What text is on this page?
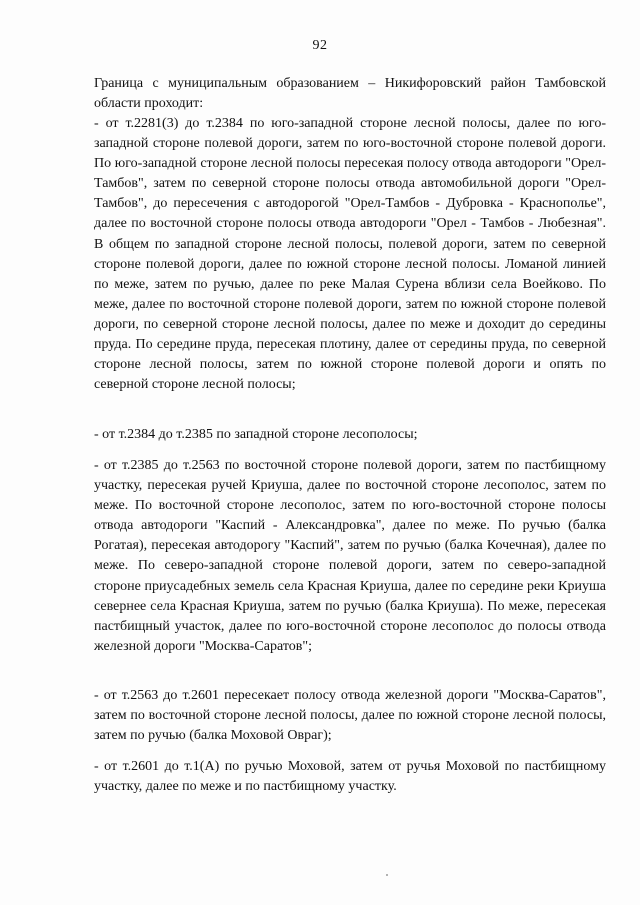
92

Граница с муниципальным образованием – Никифоровский район Тамбовской области проходит:

- от т.2281(3) до т.2384 по юго-западной стороне лесной полосы, далее по юго-западной стороне полевой дороги, затем по юго-восточной стороне полевой дороги. По юго-западной стороне лесной полосы пересекая полосу отвода автодороги "Орел-Тамбов", затем по северной стороне полосы отвода автомобильной дороги "Орел-Тамбов", до пересечения с автодорогой "Орел-Тамбов - Дубровка - Краснополье", далее по восточной стороне полосы отвода автодороги "Орел - Тамбов - Любезная". В общем по западной стороне лесной полосы, полевой дороги, затем по северной стороне полевой дороги, далее по южной стороне лесной полосы. Ломаной линией по меже, затем по ручью, далее по реке Малая Сурена вблизи села Воейково. По меже, далее по восточной стороне полевой дороги, затем по южной стороне полевой дороги, по северной стороне лесной полосы, далее по меже и доходит до середины пруда. По середине пруда, пересекая плотину, далее от середины пруда, по северной стороне лесной полосы, затем по южной стороне полевой дороги и опять по северной стороне лесной полосы;

- от т.2384 до т.2385 по западной стороне лесополосы;

- от т.2385 до т.2563 по восточной стороне полевой дороги, затем по пастбищному участку, пересекая ручей Криуша, далее по восточной стороне лесополос, затем по меже. По восточной стороне лесополос, затем по юго-восточной стороне полосы отвода автодороги "Каспий - Александровка", далее по меже. По ручью (балка Рогатая), пересекая автодорогу "Каспий", затем по ручью (балка Кочечная), далее по меже. По северо-западной стороне полевой дороги, затем по северо-западной стороне приусадебных земель села Красная Криуша, далее по середине реки Криуша севернее села Красная Криуша, затем по ручью (балка Криуша). По меже, пересекая пастбищный участок, далее по юго-восточной стороне лесополос до полосы отвода железной дороги "Москва-Саратов";

- от т.2563 до т.2601 пересекает полосу отвода железной дороги "Москва-Саратов", затем по восточной стороне лесной полосы, далее по южной стороне лесной полосы, затем по ручью (балка Моховой Овраг);

- от т.2601 до т.1(А) по ручью Моховой, затем от ручья Моховой по пастбищному участку, далее по меже и по пастбищному участку.
